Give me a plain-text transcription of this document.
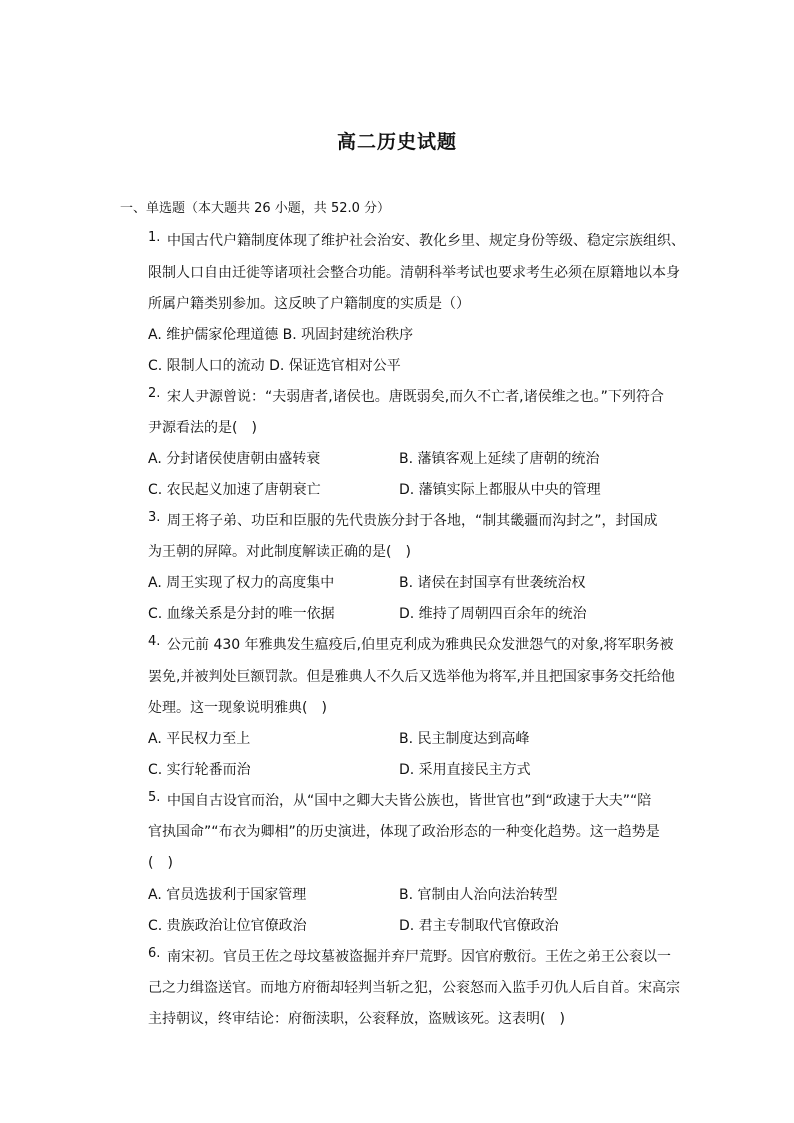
高二历史试题
一、单选题（本大题共 26 小题，共 52.0 分）
1. 中国古代户籍制度体现了维护社会治安、教化乡里、规定身份等级、稳定宗族组织、
限制人口自由迁徙等诸项社会整合功能。清朝科举考试也要求考生必须在原籍地以本身
所属户籍类别参加。这反映了户籍制度的实质是（）
A. 维护儒家伦理道德 B. 巩固封建统治秩序
C. 限制人口的流动 D. 保证选官相对公平
2. 宋人尹源曾说：“夫弱唐者,诸侯也。唐既弱矣,而久不亡者,诸侯维之也。”下列符合
尹源看法的是(　)
A. 分封诸侯使唐朝由盛转衰	B. 藩镇客观上延续了唐朝的统治
C. 农民起义加速了唐朝衰亡	D. 藩镇实际上都服从中央的管理
3. 周王将子弟、功臣和臣服的先代贵族分封于各地，“制其畿疆而沟封之”，封国成
为王朝的屏障。对此制度解读正确的是(　)
A. 周王实现了权力的高度集中	B. 诸侯在封国享有世袭统治权
C. 血缘关系是分封的唯一依据	D. 维持了周朝四百余年的统治
4. 公元前 430 年雅典发生瘟疫后,伯里克利成为雅典民众发泄怨气的对象,将军职务被
罢免,并被判处巨额罚款。但是雅典人不久后又选举他为将军,并且把国家事务交托给他
处理。这一现象说明雅典(　)
A. 平民权力至上	B. 民主制度达到高峰
C. 实行轮番而治	D. 采用直接民主方式
5. 中国自古设官而治，从“国中之卿大夫皆公族也，皆世官也”到“政逮于大夫”“陪
官执国命”“布衣为卿相”的历史演进，体现了政治形态的一种变化趋势。这一趋势是
(　)
A. 官员选拔利于国家管理	B. 官制由人治向法治转型
C. 贵族政治让位官僚政治	D. 君主专制取代官僚政治
6. 南宋初。官员王佐之母坟墓被盗掘并弃尸荒野。因官府敷衍。王佐之弟王公衮以一
己之力缉盗送官。而地方府衙却轻判当斩之犯，公衮怒而入监手刃仇人后自首。宋高宗
主持朝议，终审结论：府衙渎职，公衮释放，盗贼该死。这表明(　)
